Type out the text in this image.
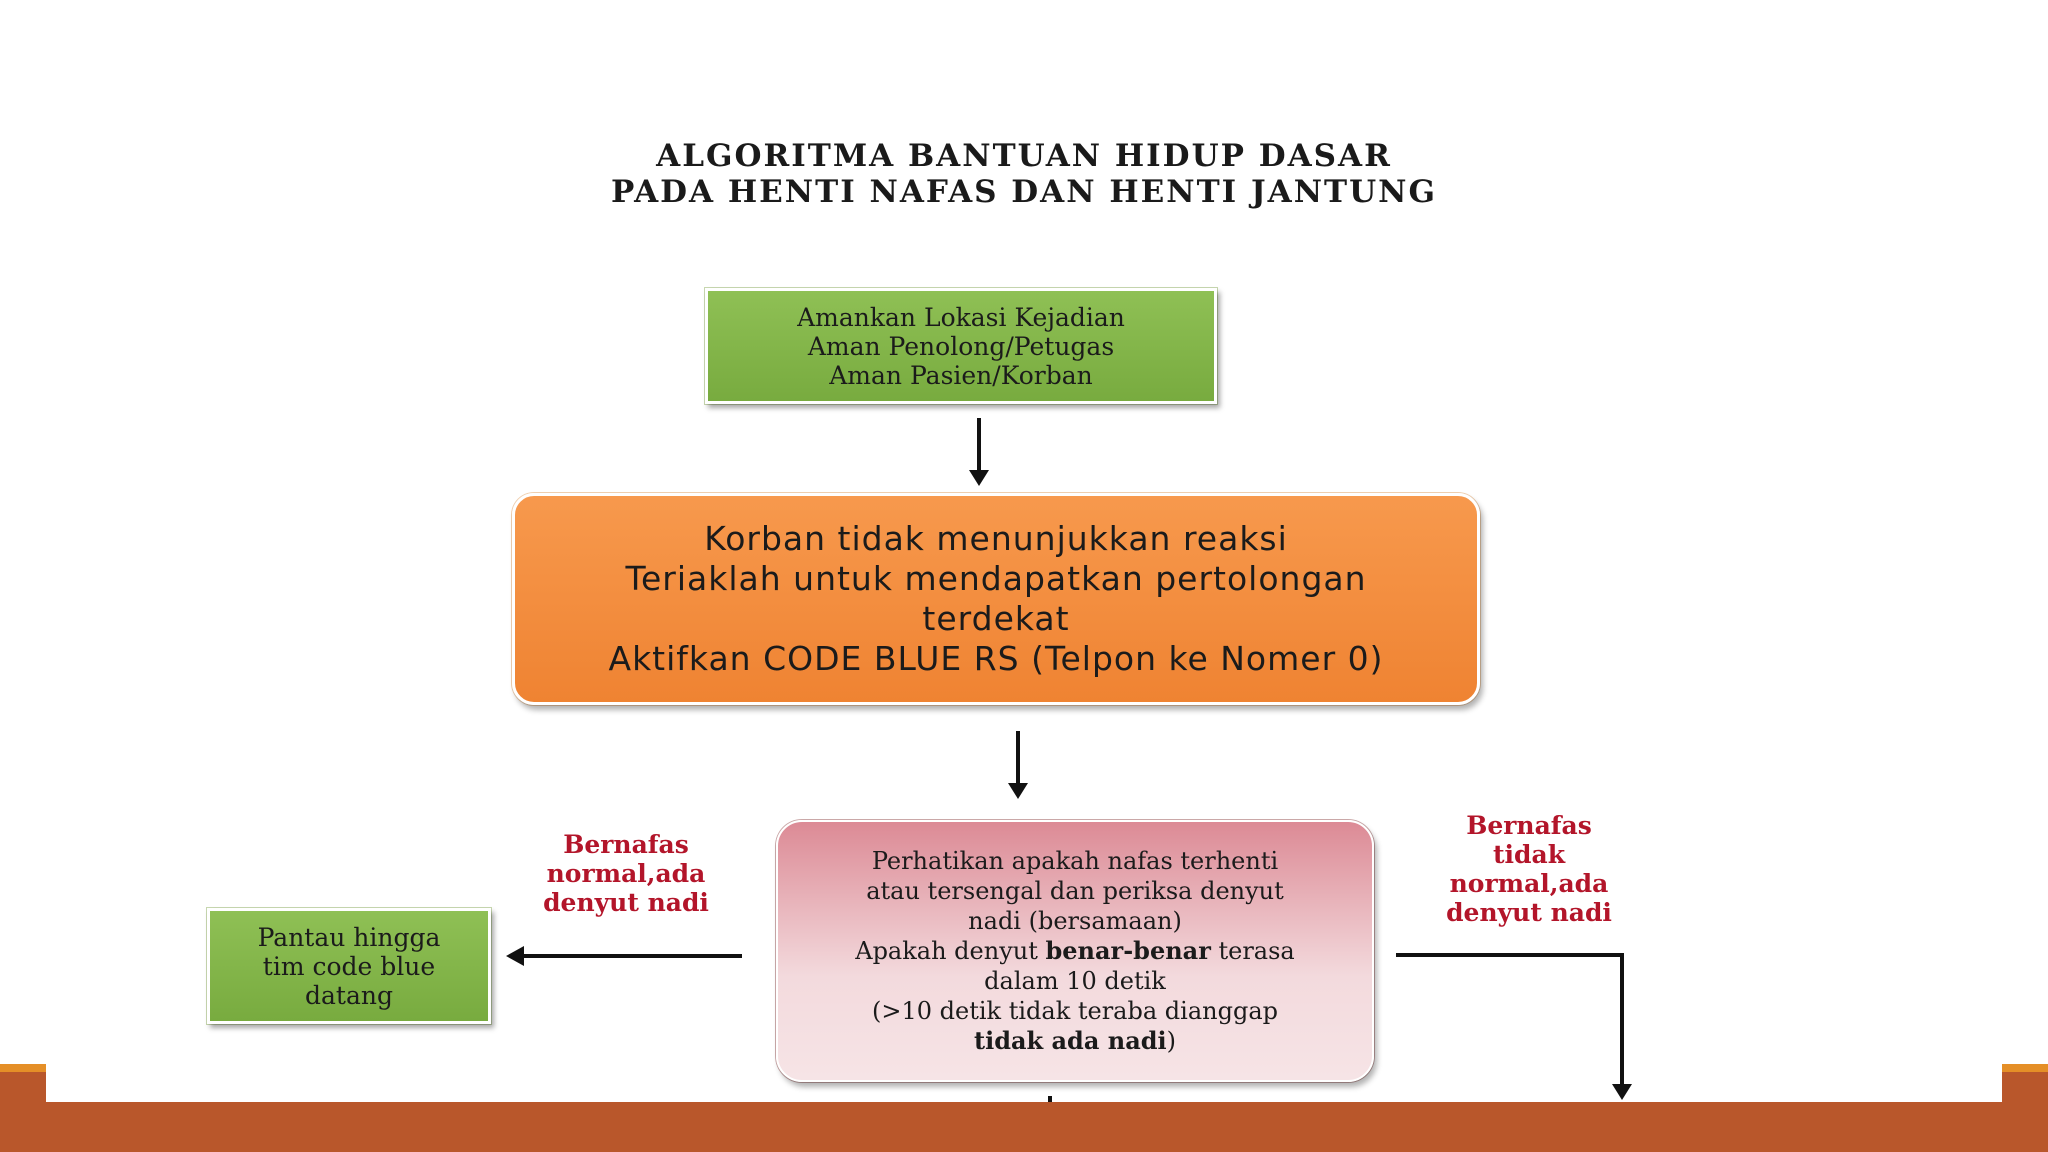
ALGORITMA BANTUAN HIDUP DASAR
PADA HENTI NAFAS DAN HENTI JANTUNG
Amankan Lokasi Kejadian
Aman Penolong/Petugas
Aman Pasien/Korban
Korban tidak menunjukkan reaksi
Teriaklah untuk mendapatkan pertolongan
terdekat
Aktifkan CODE BLUE RS (Telpon ke Nomer 0)
Perhatikan apakah nafas terhenti
atau tersengal dan periksa denyut
nadi (bersamaan)
Apakah denyut benar-benar terasa
dalam 10 detik
(>10 detik tidak teraba dianggap
tidak ada nadi)
Pantau hingga
tim code blue
datang
Bernafas
normal,ada
denyut nadi
Bernafas
tidak
normal,ada
denyut nadi
